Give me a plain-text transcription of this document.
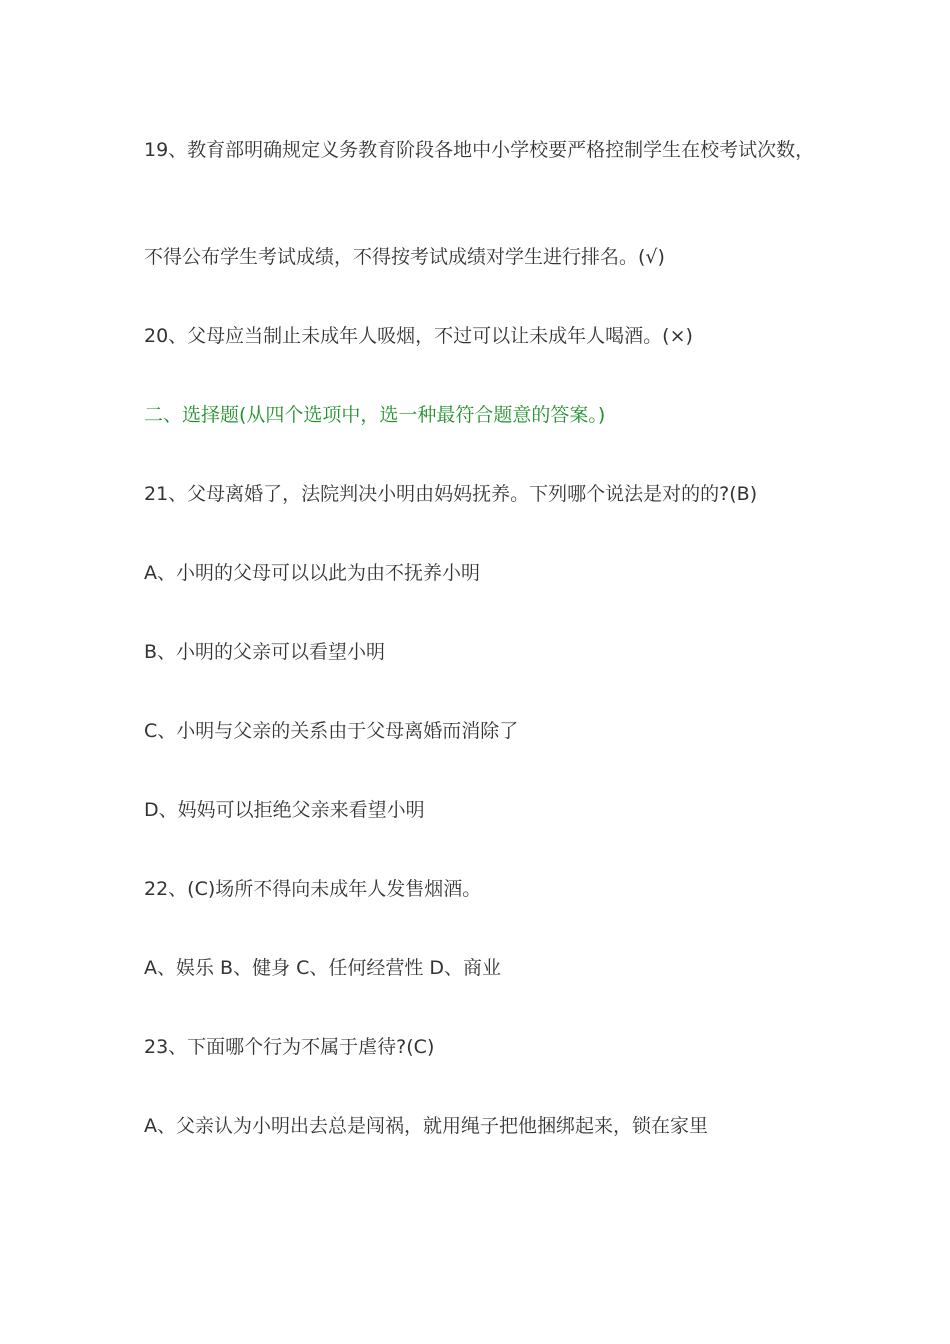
19、教育部明确规定义务教育阶段各地中小学校要严格控制学生在校考试次数，
不得公布学生考试成绩，不得按考试成绩对学生进行排名。(√)
20、父母应当制止未成年人吸烟，不过可以让未成年人喝酒。(×)
二、选择题(从四个选项中，选一种最符合题意的答案。)
21、父母离婚了，法院判决小明由妈妈抚养。下列哪个说法是对的的?(B)
A、小明的父母可以以此为由不抚养小明
B、小明的父亲可以看望小明
C、小明与父亲的关系由于父母离婚而消除了
D、妈妈可以拒绝父亲来看望小明
22、(C)场所不得向未成年人发售烟酒。
A、娱乐 B、健身 C、任何经营性 D、商业
23、下面哪个行为不属于虐待?(C)
A、父亲认为小明出去总是闯祸，就用绳子把他捆绑起来，锁在家里
